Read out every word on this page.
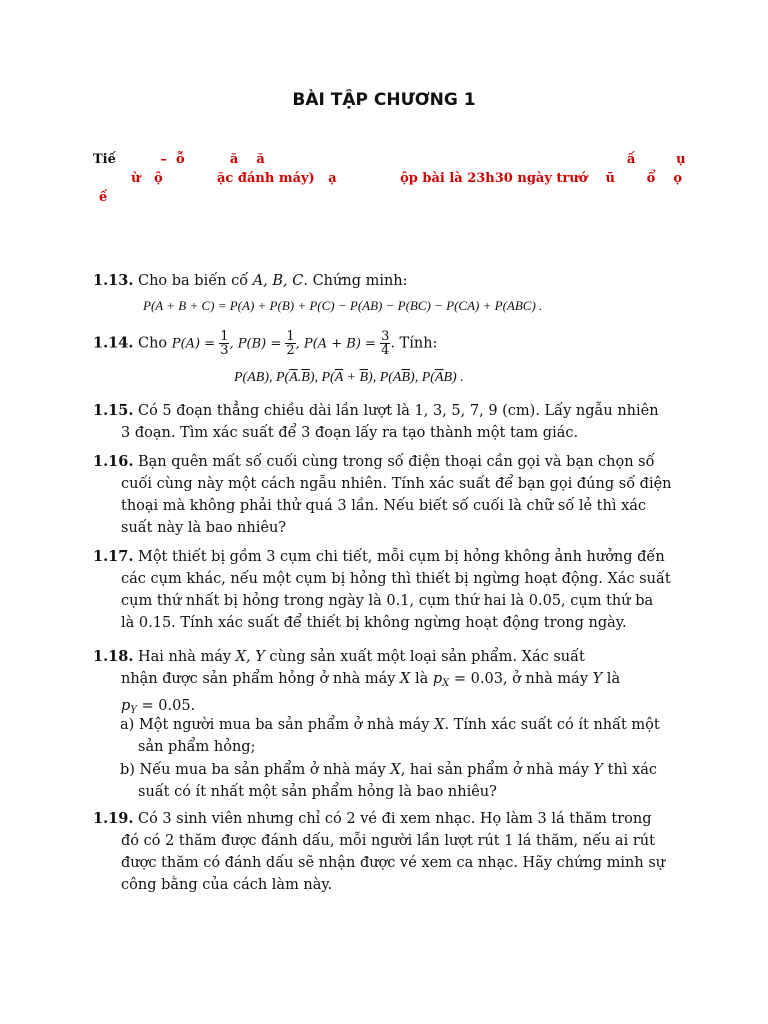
BÀI TẬP CHƯƠNG 1
Tiế	–  ỗ          ă    ă                                                                                ấ         ụ
ừ   ộ            ặc đánh máy)   ạ              ộp bài là 23h30 ngày trướ    ū       ổ    ọ
ế
1.13. Cho ba biến cố A, B, C. Chứng minh:
P(A + B + C) = P(A) + P(B) + P(C) − P(AB) − P(BC) − P(CA) + P(ABC) .
1.14. Cho $P(A) = \frac{1}{3}$ , $P(B) = \frac{1}{2}$ , $P(A + B) = \frac{3}{4}$ . Tính:
P(AB), $P(\overline{A}.\overline{B})$, $P(\overline{A} + \overline{B})$, $P(A\overline{B})$, $P(\overline{A}B)$ .
1.15. Có 5 đoạn thẳng chiều dài lần lượt là 1, 3, 5, 7, 9 (cm). Lấy ngẫu nhiên
3 đoạn. Tìm xác suất để 3 đoạn lấy ra tạo thành một tam giác.
1.16. Bạn quên mất số cuối cùng trong số điện thoại cần gọi và bạn chọn số
cuối cùng này một cách ngẫu nhiên. Tính xác suất để bạn gọi đúng số điện
thoại mà không phải thử quá 3 lần. Nếu biết số cuối là chữ số lẻ thì xác
suất này là bao nhiêu?
1.17. Một thiết bị gồm 3 cụm chi tiết, mỗi cụm bị hỏng không ảnh hưởng đến
các cụm khác, nếu một cụm bị hỏng thì thiết bị ngừng hoạt động. Xác suất
cụm thứ nhất bị hỏng trong ngày là 0.1, cụm thứ hai là 0.05, cụm thứ ba
là 0.15. Tính xác suất để thiết bị không ngừng hoạt động trong ngày.
1.18. Hai nhà máy X, Y cùng sản xuất một loại sản phẩm. Xác suất
nhận được sản phẩm hỏng ở nhà máy X là $p_X = 0.03$, ở nhà máy Y là
$p_Y = 0.05$.
a) Một người mua ba sản phẩm ở nhà máy X. Tính xác suất có ít nhất một
sản phẩm hỏng;
b) Nếu mua ba sản phẩm ở nhà máy X, hai sản phẩm ở nhà máy Y thì xác
suất có ít nhất một sản phẩm hỏng là bao nhiêu?
1.19. Có 3 sinh viên nhưng chỉ có 2 vé đi xem nhạc. Họ làm 3 lá thăm trong
đó có 2 thăm được đánh dấu, mỗi người lần lượt rút 1 lá thăm, nếu ai rút
được thăm có đánh dấu sẽ nhận được vé xem ca nhạc. Hãy chứng minh sự
công bằng của cách làm này.
